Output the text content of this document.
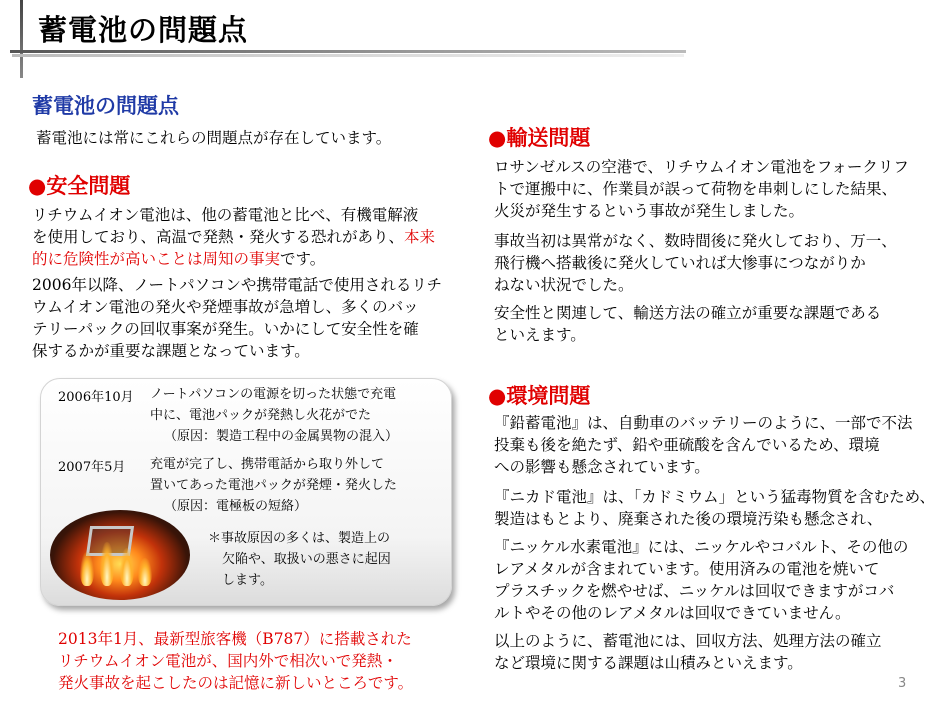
蓄電池の問題点
蓄電池の問題点
蓄電池には常にこれらの問題点が存在しています。
●安全問題
リチウムイオン電池は、他の蓄電池と比べ、有機電解液
を使用しており、高温で発熱・発火する恐れがあり、本来
的に危険性が高いことは周知の事実です。
2006年以降、ノートパソコンや携帯電話で使用されるリチ
ウムイオン電池の発火や発煙事故が急増し、多くのバッ
テリーパックの回収事案が発生。いかにして安全性を確
保するかが重要な課題となっています。
2006年10月 ノートパソコンの電源を切った状態で充電
中に、電池パックが発熱し火花がでた
（原因：製造工程中の金属異物の混入）
2007年5月 充電が完了し、携帯電話から取り外して
置いてあった電池パックが発煙・発火した
（原因：電極板の短絡）
＊事故原因の多くは、製造上の
欠陥や、取扱いの悪さに起因
します。
2013年1月、最新型旅客機（B787）に搭載された
リチウムイオン電池が、国内外で相次いで発熱・
発火事故を起こしたのは記憶に新しいところです。
●輸送問題
ロサンゼルスの空港で、リチウムイオン電池をフォークリフ
トで運搬中に、作業員が誤って荷物を串刺しにした結果、
火災が発生するという事故が発生しました。
事故当初は異常がなく、数時間後に発火しており、万一、
飛行機へ搭載後に発火していれば大惨事につながりか
ねない状況でした。
安全性と関連して、輸送方法の確立が重要な課題である
といえます。
●環境問題
『鉛蓄電池』は、自動車のバッテリーのように、一部で不法
投棄も後を絶たず、鉛や亜硫酸を含んでいるため、環境
への影響も懸念されています。
『ニカド電池』は、「カドミウム」という猛毒物質を含むため、
製造はもとより、廃棄された後の環境汚染も懸念され、
『ニッケル水素電池』には、ニッケルやコバルト、その他の
レアメタルが含まれています。使用済みの電池を焼いて
プラスチックを燃やせば、ニッケルは回収できますがコバ
ルトやその他のレアメタルは回収できていません。
以上のように、蓄電池には、回収方法、処理方法の確立
など環境に関する課題は山積みといえます。
3
